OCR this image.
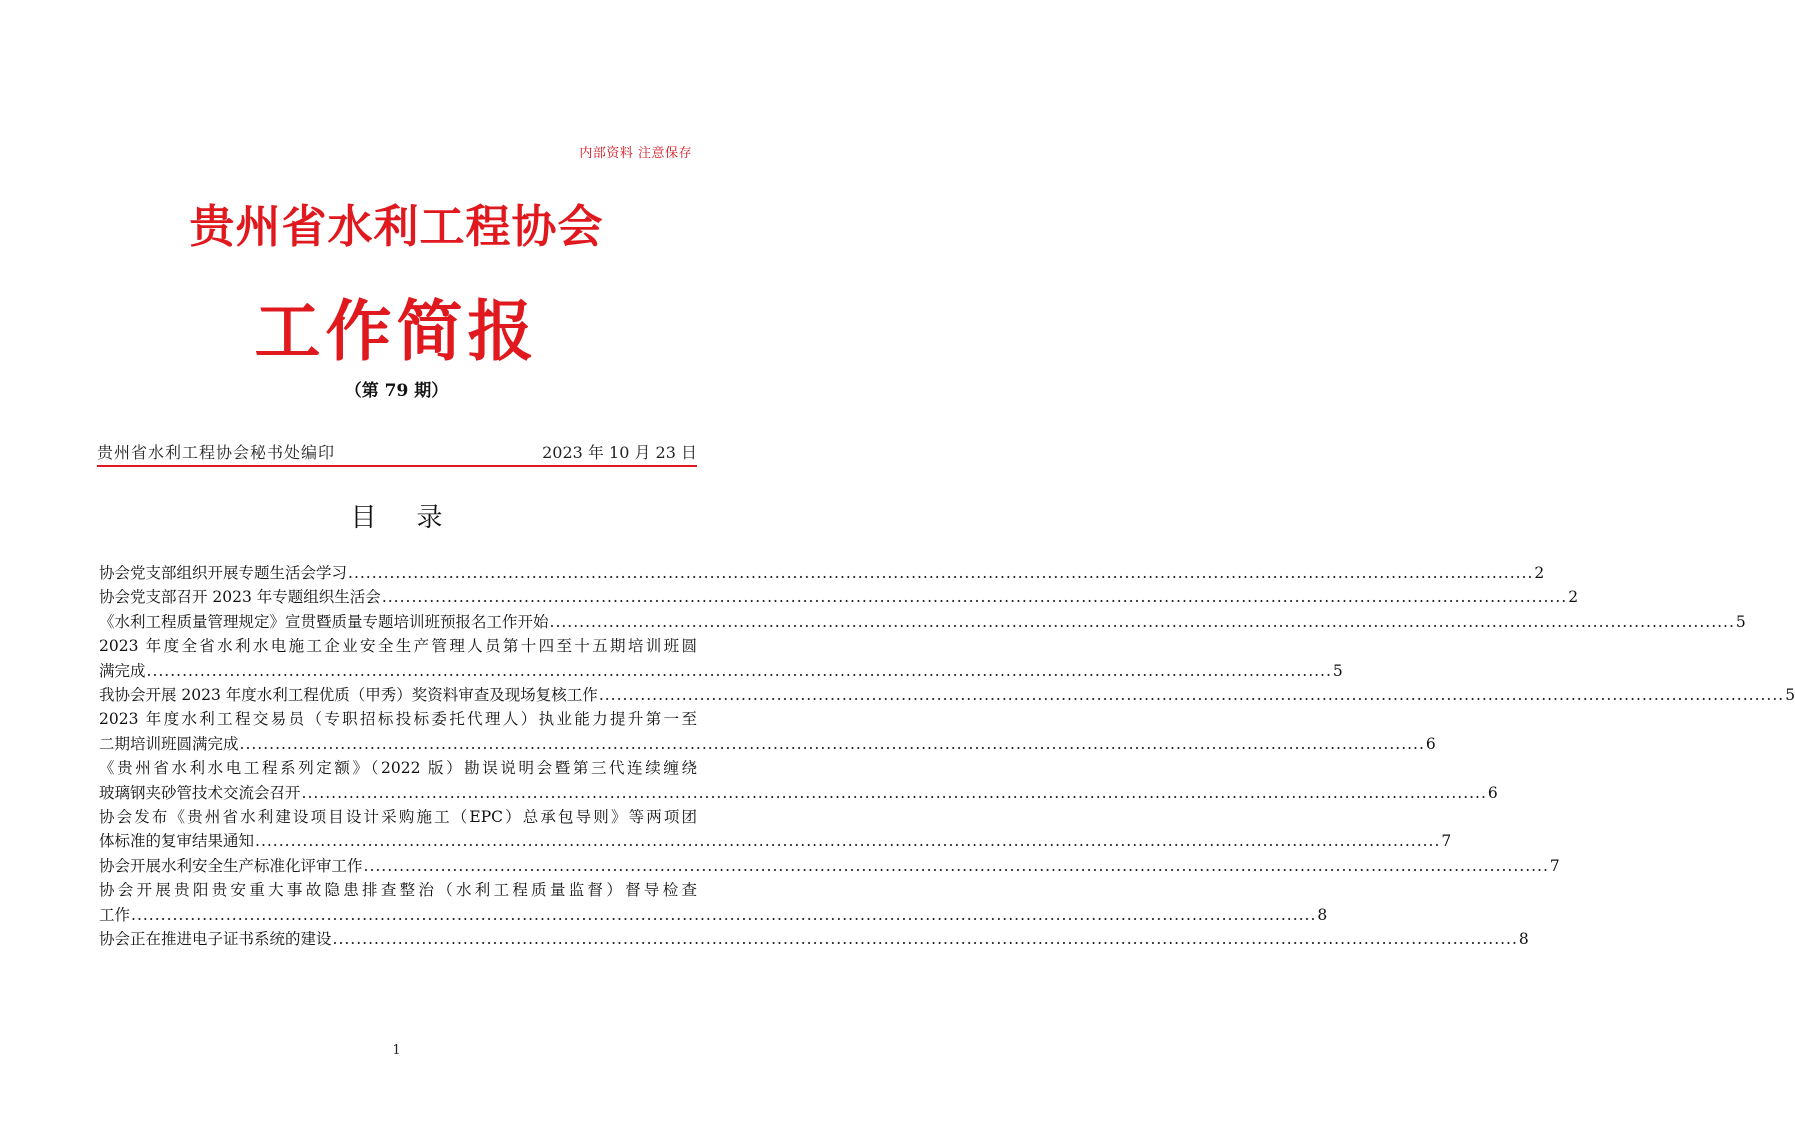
内部资料 注意保存
贵州省水利工程协会
工作简报
（第 79 期）
贵州省水利工程协会秘书处编印	2023 年 10 月 23 日
目录
协会党支部组织开展专题生活会学习 ........................................................................................................................................................................................................ 2
协会党支部召开 2023 年专题组织生活会 ........................................................................................................................................................................................................ 2
《水利工程质量管理规定》宣贯暨质量专题培训班预报名工作开始 ........................................................................................................................................................................................................ 5
2023 年度全省水利水电施工企业安全生产管理人员第十四至十五期培训班圆
满完成 ........................................................................................................................................................................................................ 5
我协会开展 2023 年度水利工程优质（甲秀）奖资料审查及现场复核工作 ........................................................................................................................................................................................................ 5
2023 年度水利工程交易员（专职招标投标委托代理人）执业能力提升第一至
二期培训班圆满完成 ........................................................................................................................................................................................................ 6
《贵州省水利水电工程系列定额》（2022 版）勘误说明会暨第三代连续缠绕
玻璃钢夹砂管技术交流会召开 ........................................................................................................................................................................................................ 6
协会发布《贵州省水利建设项目设计采购施工（EPC）总承包导则》等两项团
体标准的复审结果通知 ........................................................................................................................................................................................................ 7
协会开展水利安全生产标准化评审工作 ........................................................................................................................................................................................................ 7
协会开展贵阳贵安重大事故隐患排查整治（水利工程质量监督）督导检查
工作 ........................................................................................................................................................................................................ 8
协会正在推进电子证书系统的建设 ........................................................................................................................................................................................................ 8
1
